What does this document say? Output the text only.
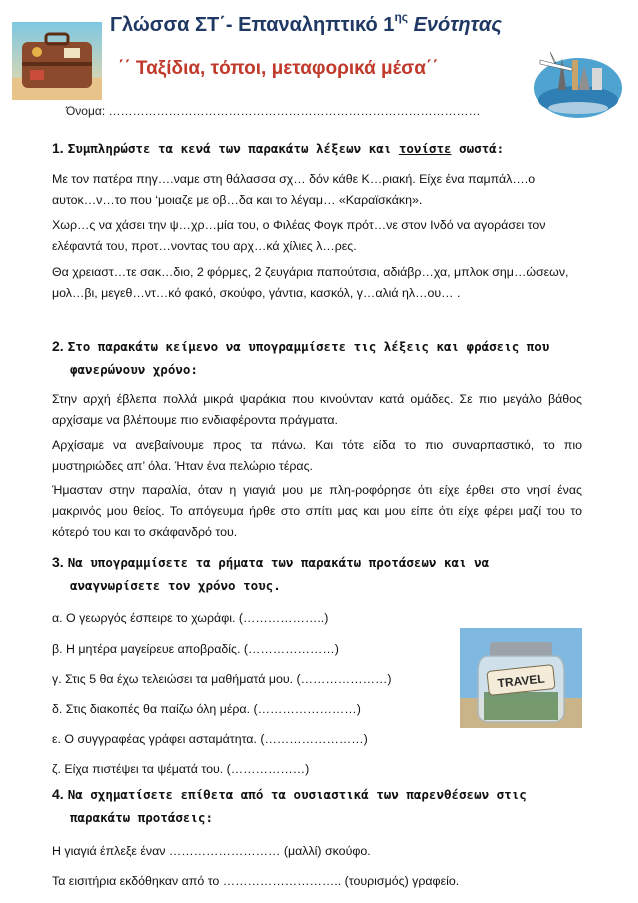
Γλώσσα ΣΤ΄- Επαναληπτικό $1^{\eta\varsigma}$ Ενότητας
΄΄ Ταξίδια, τόποι, μεταφορικά μέσα΄΄
Όνομα: …………………………………………………………………………………
1. Συμπληρώστε τα κενά των παρακάτω λέξεων και τονίστε σωστά:
Με τον πατέρα πηγ….ναμε στη θάλασσα σχ… δόν κάθε Κ…ριακή. Είχε ένα παμπάλ….ο αυτοκ…ν…το που ‘μοιαζε με οβ…δα και το λέγαμ… «Καραϊσκάκη».
Χωρ…ς να χάσει την ψ…χρ…μία του, ο Φιλέας Φογκ πρότ…νε στον Ινδό να αγοράσει τον ελέφαντά του, προτ…νοντας του αρχ…κά χίλιες λ…ρες.
Θα χρειαστ…τε σακ…διο, 2 φόρμες, 2 ζευγάρια παπούτσια, αδιάβρ…χα, μπλοκ σημ…ώσεων, μολ…βι, μεγεθ…ντ…κό φακό, σκούφο, γάντια, κασκόλ, γ…αλιά ηλ…ου… .
2. Στο παρακάτω κείμενο να υπογραμμίσετε τις λέξεις και φράσεις που
φανερώνουν χρόνο:
Στην αρχή έβλεπα πολλά μικρά ψαράκια που κινούνταν κατά ομάδες. Σε πιο μεγάλο βάθος αρχίσαμε να βλέπουμε πιο ενδιαφέροντα πράγματα.
Αρχίσαμε να ανεβαίνουμε προς τα πάνω. Και τότε είδα το πιο συναρπαστικό, το πιο μυστηριώδες απ’ όλα. Ήταν ένα πελώριο τέρας.
Ήμασταν στην παραλία, όταν η γιαγιά μου με πλη-ροφόρησε ότι είχε έρθει στο νησί ένας μακρινός μου θείος. Το απόγευμα ήρθε στο σπίτι μας και μου είπε ότι είχε φέρει μαζί του το κότερό του και το σκάφανδρό του.
3. Να υπογραμμίσετε τα ρήματα των παρακάτω προτάσεων και να
αναγνωρίσετε τον χρόνο τους.
α. Ο γεωργός έσπειρε το χωράφι. (………………..)
β. Η μητέρα μαγείρευε αποβραδίς. (…………………)
γ. Στις 5 θα έχω τελειώσει τα μαθήματά μου. (…………………)
δ. Στις διακοπές θα παίζω όλη μέρα. (……………………)
ε. Ο συγγραφέας γράφει ασταμάτητα. (……………………)
ζ. Είχα πιστέψει τα ψέματά του. (………………)
TRAVEL
4. Να σχηματίσετε επίθετα από τα ουσιαστικά των παρενθέσεων στις
παρακάτω προτάσεις:
Η γιαγιά έπλεξε έναν ……………………… (μαλλί) σκούφο.
Τα εισιτήρια εκδόθηκαν από το ……………………….. (τουρισμός) γραφείο.
